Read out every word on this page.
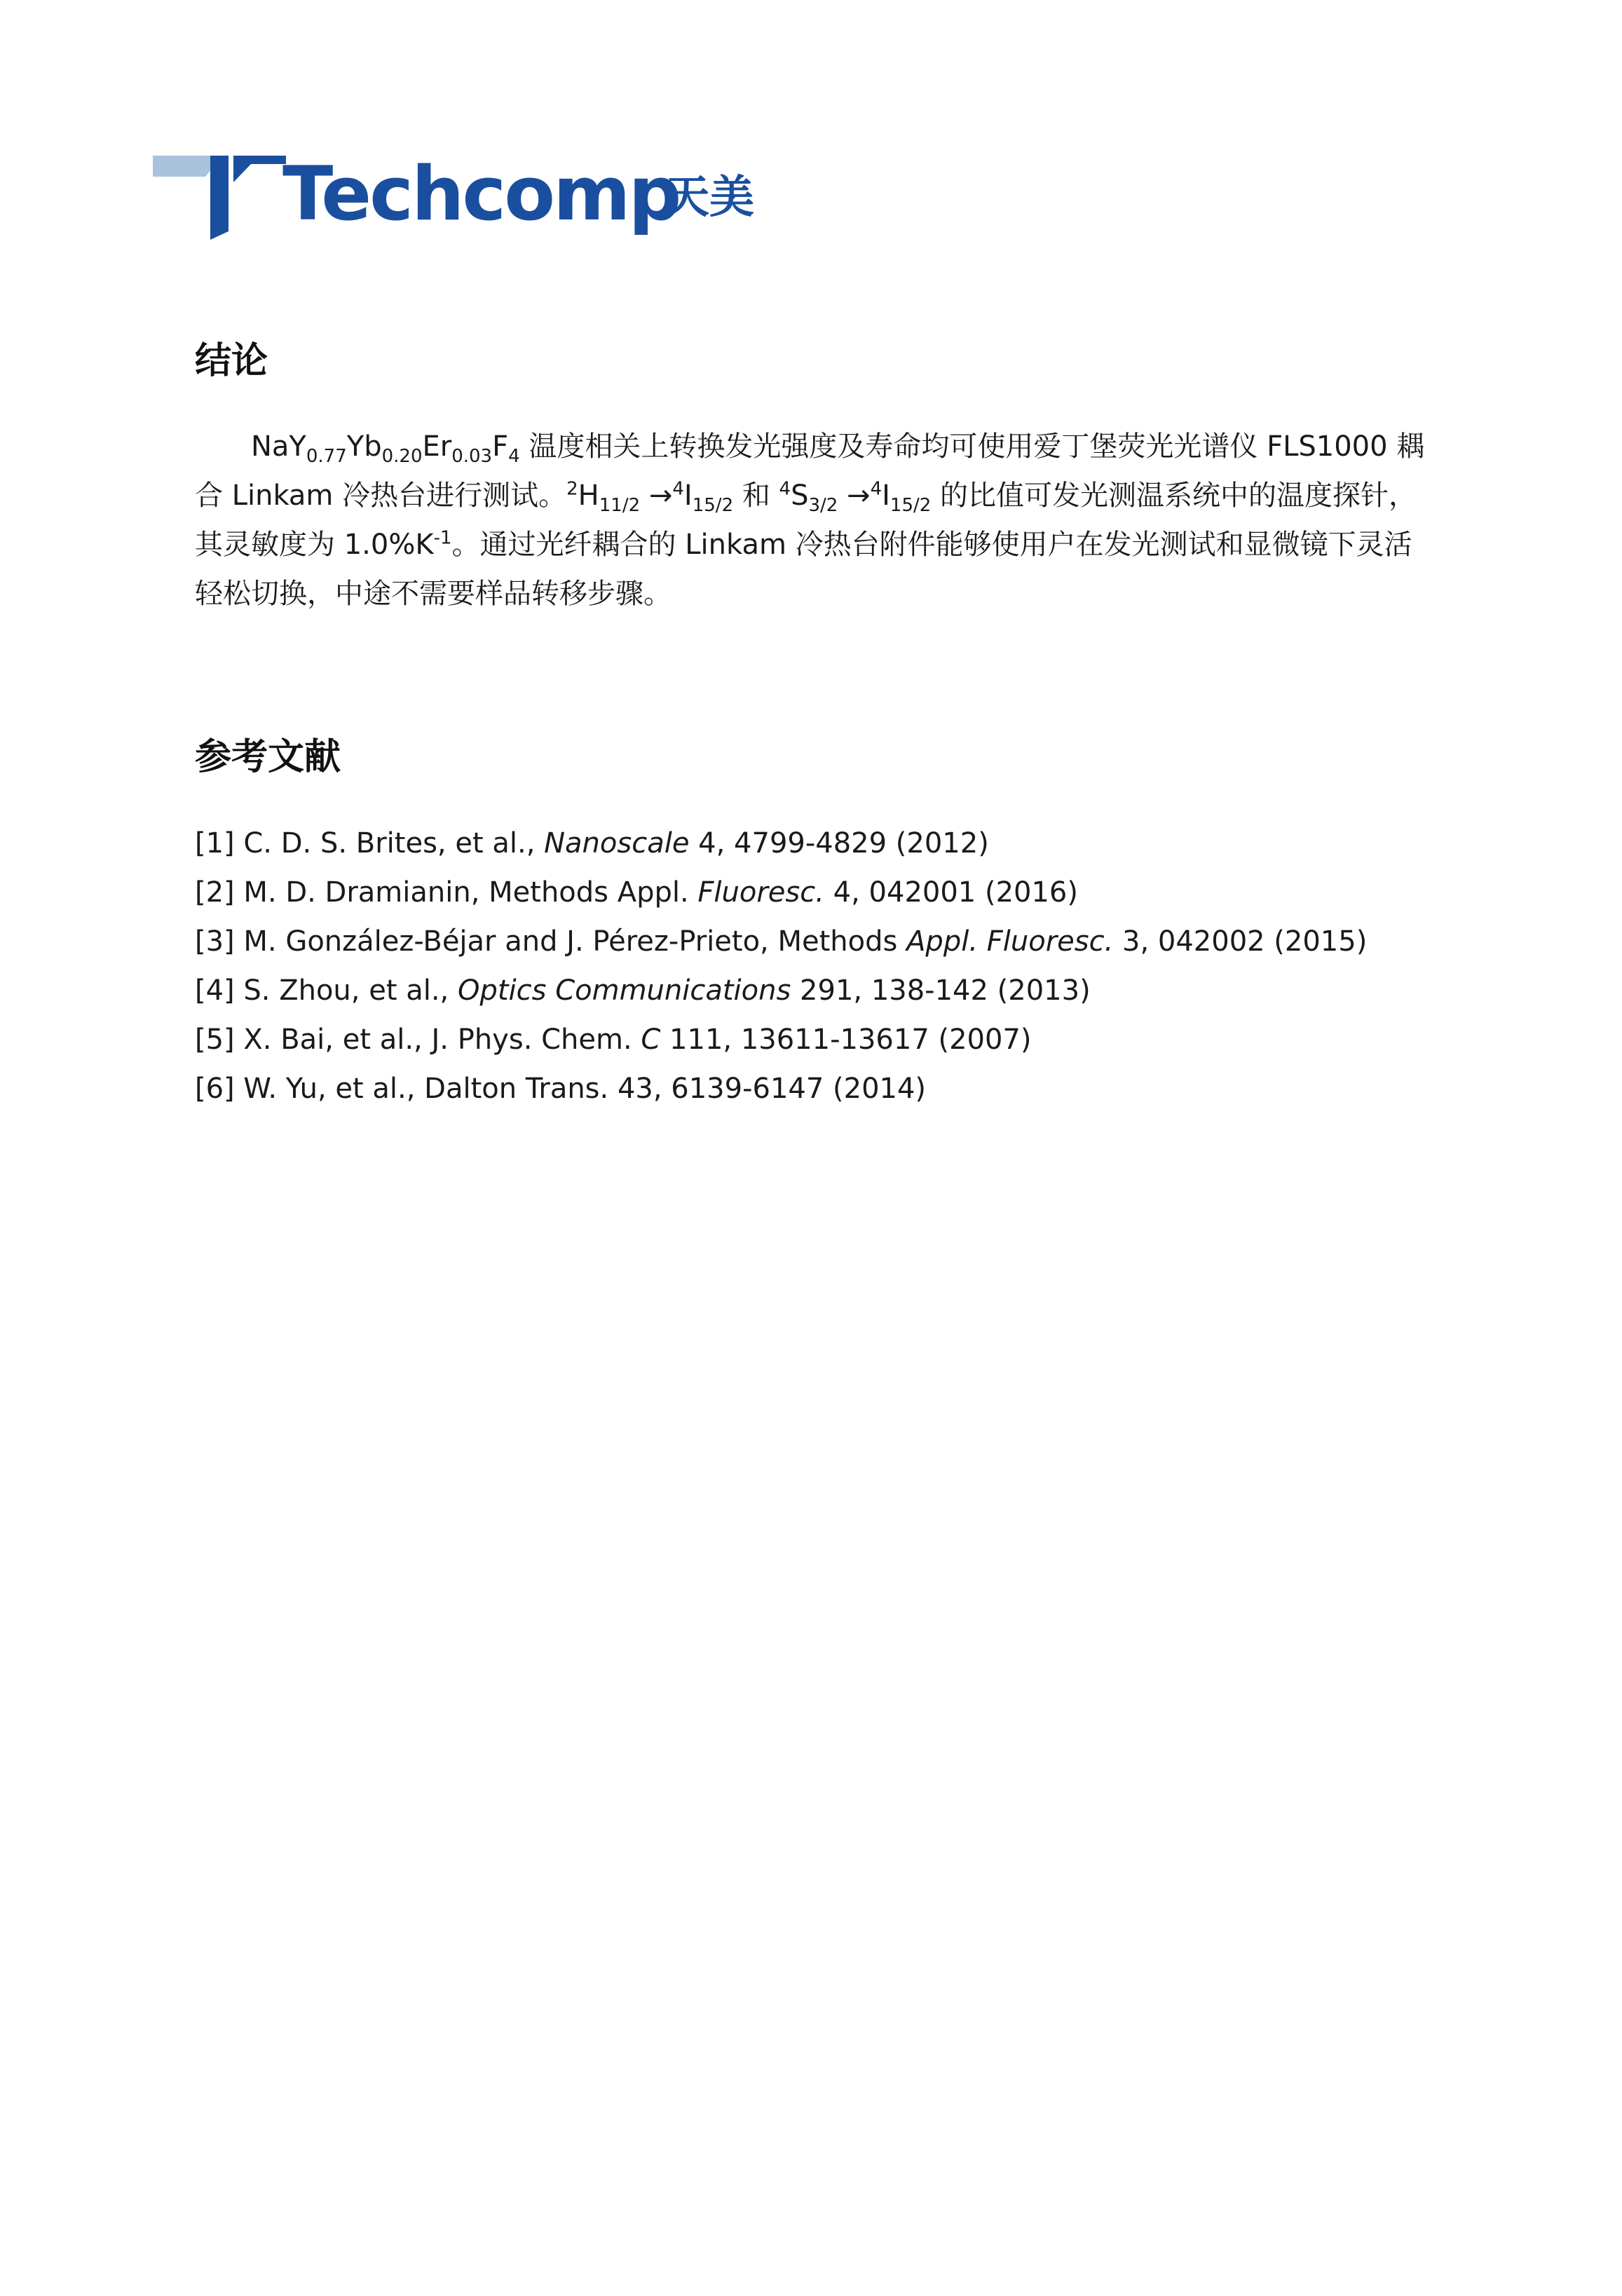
Techcomp
天美
结论
$NaY_{0.77}Yb_{0.20}Er_{0.03}F_4$ 温度相关上转换发光强度及寿命均可使用爱丁堡荧光光谱仪 FLS1000 耦
合 Linkam 冷热台进行测试。$^2H_{11/2} \to^4I_{15/2}$ 和 $^4S_{3/2} \to^4I_{15/2}$ 的比值可发光测温系统中的温度探针，
其灵敏度为 $1.0\%K^{-1}$。通过光纤耦合的 Linkam 冷热台附件能够使用户在发光测试和显微镜下灵活
轻松切换，中途不需要样品转移步骤。
参考文献
[1] C. D. S. Brites, et al., Nanoscale 4, 4799-4829 (2012)
[2] M. D. Dramianin, Methods Appl. Fluoresc. 4, 042001 (2016)
[3] M. González-Béjar and J. Pérez-Prieto, Methods Appl. Fluoresc. 3, 042002 (2015)
[4] S. Zhou, et al., Optics Communications 291, 138-142 (2013)
[5] X. Bai, et al., J. Phys. Chem. C 111, 13611-13617 (2007)
[6] W. Yu, et al., Dalton Trans. 43, 6139-6147 (2014)
